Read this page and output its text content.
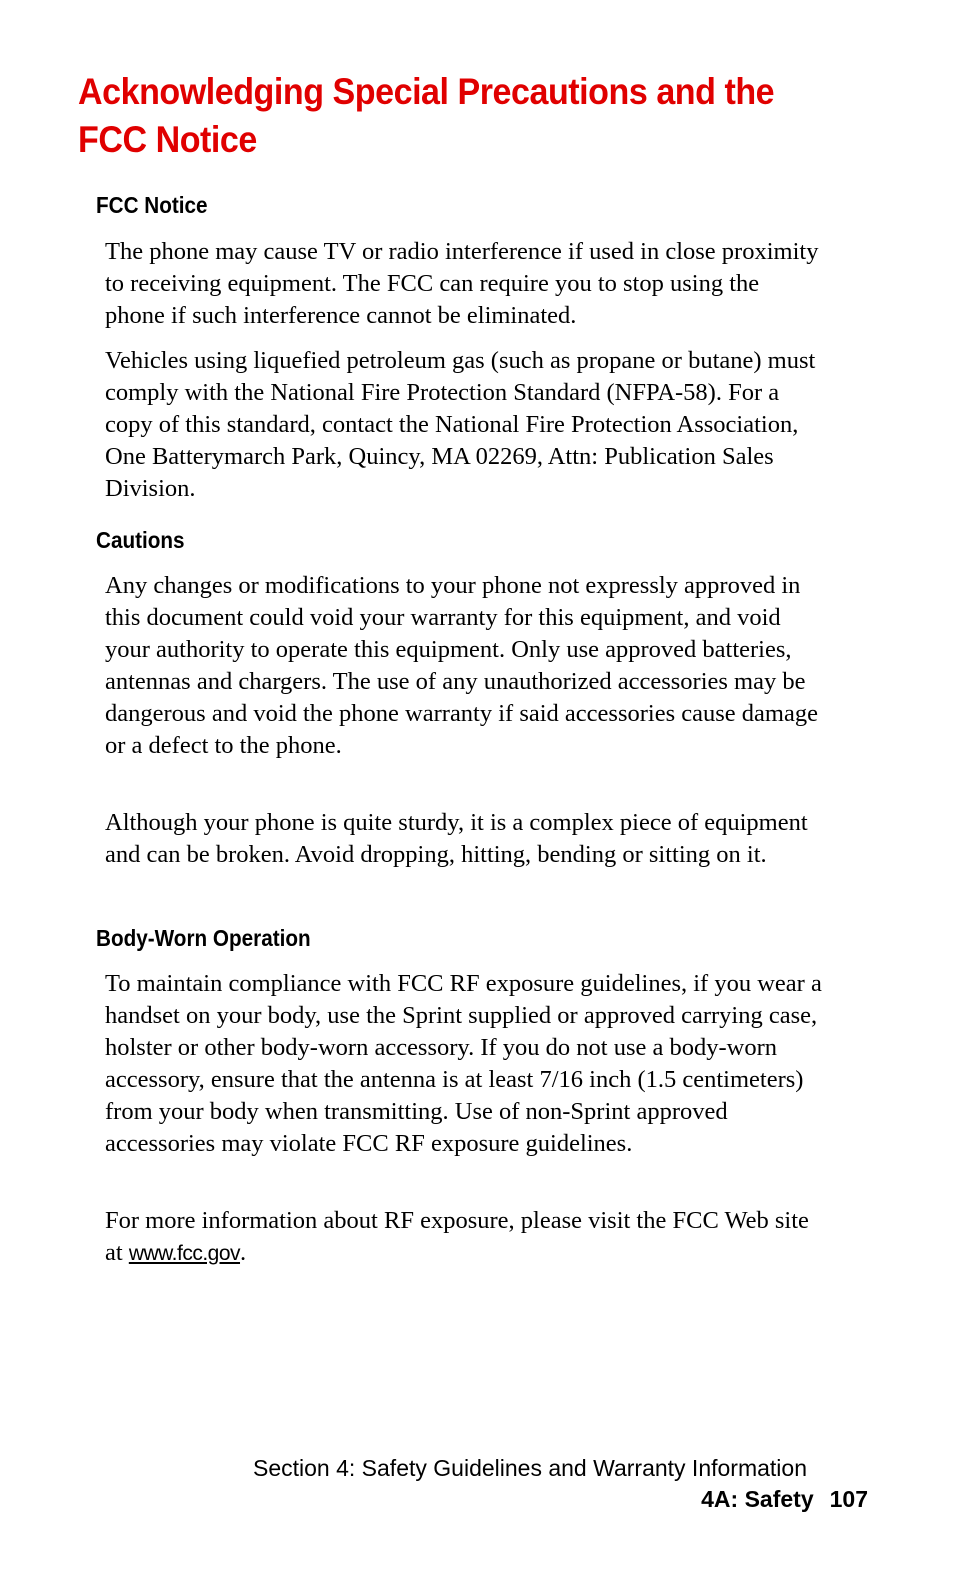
Acknowledging Special Precautions and the
FCC Notice
FCC Notice

The phone may cause TV or radio interference if used in close proximity to receiving equipment. The FCC can require you to stop using the phone if such interference cannot be eliminated.

Vehicles using liquefied petroleum gas (such as propane or butane) must comply with the National Fire Protection Standard (NFPA-58). For a copy of this standard, contact the National Fire Protection Association, One Batterymarch Park, Quincy, MA 02269, Attn: Publication Sales Division.

Cautions

Any changes or modifications to your phone not expressly approved in this document could void your warranty for this equipment, and void your authority to operate this equipment. Only use approved batteries, antennas and chargers. The use of any unauthorized accessories may be dangerous and void the phone warranty if said accessories cause damage or a defect to the phone.

Although your phone is quite sturdy, it is a complex piece of equipment and can be broken. Avoid dropping, hitting, bending or sitting on it.

Body-Worn Operation

To maintain compliance with FCC RF exposure guidelines, if you wear a handset on your body, use the Sprint supplied or approved carrying case, holster or other body-worn accessory. If you do not use a body-worn accessory, ensure that the antenna is at least 7/16 inch (1.5 centimeters) from your body when transmitting. Use of non-Sprint approved accessories may violate FCC RF exposure guidelines.

For more information about RF exposure, please visit the FCC Web site at www.fcc.gov.

Section 4: Safety Guidelines and Warranty Information
4A: Safety 107
